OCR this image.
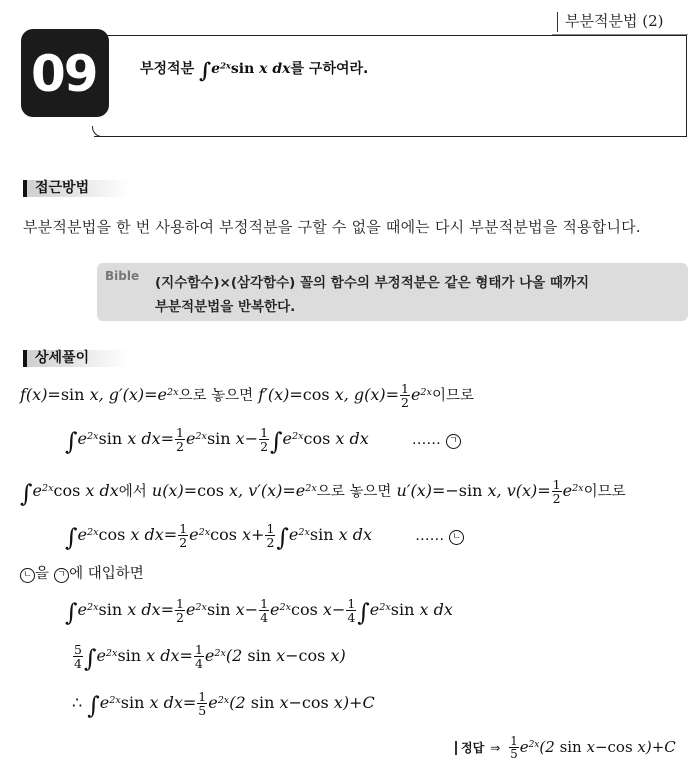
부분적분법 (2)
09	부정적분 $\int e^{2x}\sin$ x dx를 구하여라.
접근방법
부분적분법을 한 번 사용하여 부정적분을 구할 수 없을 때에는 다시 부분적분법을 적용합니다.
Bible (지수함수)×(삼각함수) 꼴의 함수의 부정적분은 같은 형태가 나올 때까지
부분적분법을 반복한다.
상세풀이
f(x)=sin x, $g'(x)=e^{2x}$으로 놓으면 f′(x)=cos x, $g(x)= \frac{1}{2} e^{2x}$이므로
$\int e^{2x}\sin$ x $dx= \frac{1}{2} e^{2x}\sin$ $x- \frac{1}{2} \int e^{2x}\cos$ x dx	…… ㄱ
$\int e^{2x}\cos$ x dx에서 u(x)=cos x, $v'(x)=e^{2x}$으로 놓으면 u′(x)=−sin x, $v(x)= \frac{1}{2} e^{2x}$이므로
$\int e^{2x}\cos$ x $dx= \frac{1}{2} e^{2x}\cos$ $x+ \frac{1}{2} \int e^{2x}\sin$ x dx	…… ㄴ
ㄴ 을 ㄱ 에 대입하면
$\int e^{2x}\sin$ x $dx= \frac{1}{2} e^{2x}\sin$ $x- \frac{1}{4} e^{2x}\cos$ $x- \frac{1}{4} \int e^{2x}\sin$ x dx
$\frac{5}{4} \int e^{2x}\sin$ x $dx= \frac{1}{4} e^{2x}(2$ sin x−cos x)
∴ $\int e^{2x}\sin$ x $dx= \frac{1}{5} e^{2x}(2$ sin x−cos x)+C
정답 ⇒ $\frac{1}{5} e^{2x}(2$ sin x−cos x)+C
